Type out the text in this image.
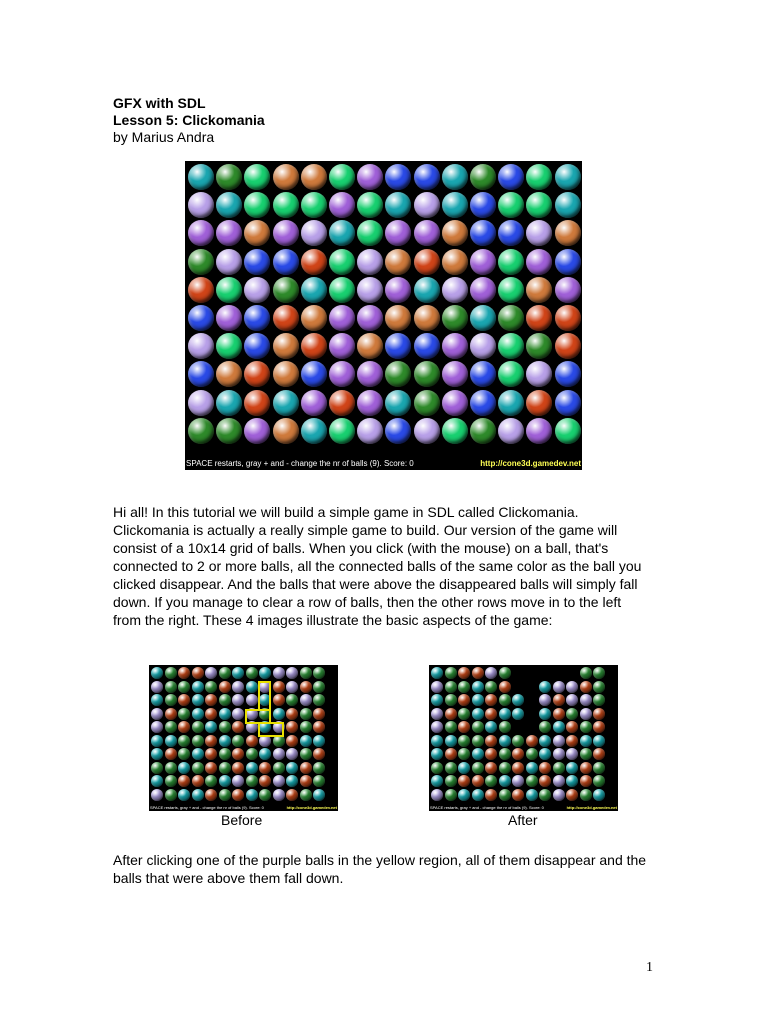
GFX with SDL
Lesson 5: Clickomania
by Marius Andra
SPACE restarts, gray + and - change the nr of balls (9). Score: 0	http://cone3d.gamedev.net

Hi all! In this tutorial we will build a simple game in SDL called Clickomania. Clickomania is actually a really simple game to build. Our version of the game will consist of a 10x14 grid of balls. When you click (with the mouse) on a ball, that's connected to 2 or more balls, all the connected balls of the same color as the ball you clicked disappear. And the balls that were above the disappeared balls will simply fall down. If you manage to clear a row of balls, then the other rows move in to the left from the right. These 4 images illustrate the basic aspects of the game:

SPACE restarts, gray + and - change the nr of balls (9). Score: 0	http://cone3d.gamedev.net
Before
SPACE restarts, gray + and - change the nr of balls (9). Score: 0	http://cone3d.gamedev.net
After
After clicking one of the purple balls in the yellow region, all of them disappear and the balls that were above them fall down.
1
